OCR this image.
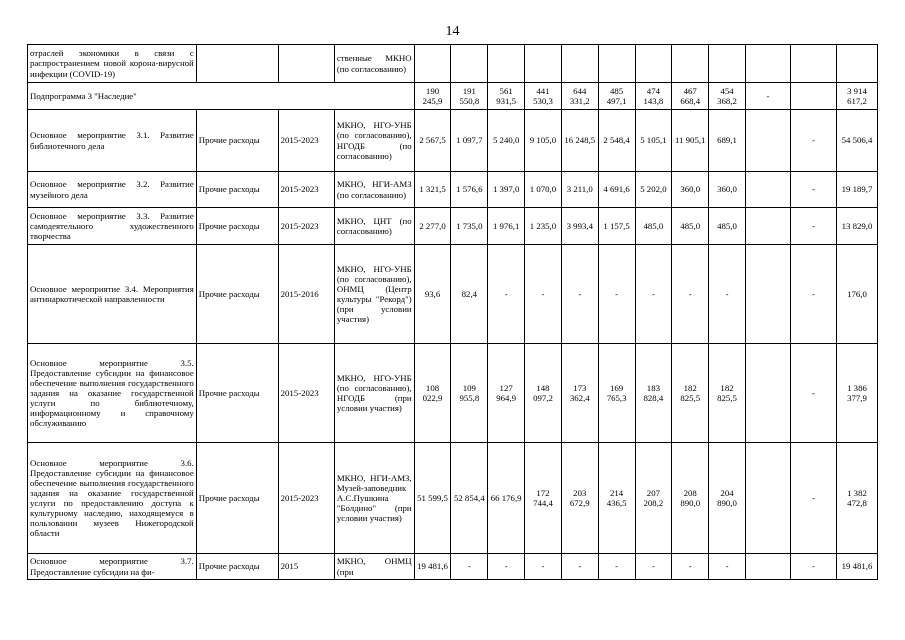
14
отраслей экономики в связи с распространением новой корона-вирусной инфекции (COVID-19)			ственные МКНО (по согласованию)												
Подпрограмма 3 "Наследие"				190 245,9	191 550,8	561 931,5	441 530,3	644 331,2	485 497,1	474 143,8	467 668,4	454 368,2	-		3 914 617,2
Основное мероприятие 3.1. Развитие библиотечного дела	Прочие расходы	2015-2023	МКНО, НГО-УНБ (по согласованию), НГОДБ (по согласованию)	2 567,5	1 097,7	5 240,0	9 105,0	16 248,5	2 548,4	5 105,1	11 905,1	689,1		-	54 506,4
Основное мероприятие 3.2. Развитие музейного дела	Прочие расходы	2015-2023	МКНО, НГИ-АМЗ (по согласованию)	1 321,5	1 576,6	1 397,0	1 070,0	3 211,0	4 691,6	5 202,0	360,0	360,0		-	19 189,7
Основное мероприятие 3.3. Развитие самодеятельного художественного творчества	Прочие расходы	2015-2023	МКНО, ЦНТ (по согласованию)	2 277,0	1 735,0	1 976,1	1 235,0	3 993,4	1 157,5	485,0	485,0	485,0		-	13 829,0
Основное мероприятие 3.4. Мероприятия антинаркотической направленности	Прочие расходы	2015-2016	МКНО, НГО-УНБ (по согласованию), ОНМЦ (Центр культуры "Рекорд") (при условии участия)	93,6	82,4	-	-	-	-	-	-	-		-	176,0
Основное мероприятие 3.5. Предоставление субсидии на финансовое обеспечение выполнения государственного задания на оказание государственной услуги по библиотечному, информационному и справочному обслуживанию	Прочие расходы	2015-2023	МКНО, НГО-УНБ (по согласованию), НГОДБ (при условии участия)	108 022,9	109 955,8	127 964,9	148 097,2	173 362,4	169 765,3	183 828,4	182 825,5	182 825,5		-	1 386 377,9
Основное мероприятие 3.6. Предоставление субсидии на финансовое обеспечение выполнения государственного задания на оказание государственной услуги по предоставлению доступа к культурному наследию, находящемуся в пользовании музеев Нижегородской области	Прочие расходы	2015-2023	МКНО, НГИ-АМЗ, Музей-заповедник А.С.Пушкина "Болдино" (при условии участия)	51 599,5	52 854,4	66 176,9	172 744,4	203 672,9	214 436,5	207 208,2	208 890,0	204 890,0		-	1 382 472,8
Основное мероприятие 3.7. Предоставление субсидии на фи-	Прочие расходы	2015	МКНО, ОНМЦ (при	19 481,6	-	-	-	-	-	-	-	-		-	19 481,6
